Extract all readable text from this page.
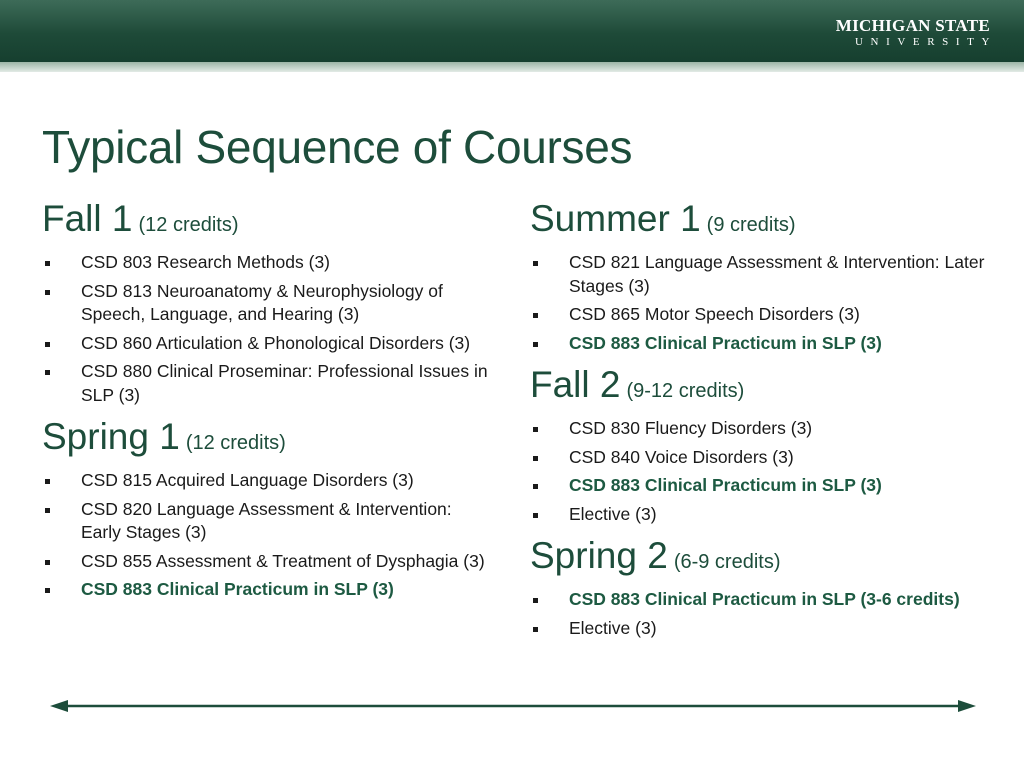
MICHIGAN STATE
UNIVERSITY
Typical Sequence of Courses
Fall 1 (12 credits)
CSD 803 Research Methods (3)
CSD 813 Neuroanatomy & Neurophysiology of Speech, Language, and Hearing (3)
CSD 860 Articulation & Phonological Disorders (3)
CSD 880 Clinical Proseminar: Professional Issues in SLP (3)
Spring 1 (12 credits)
CSD 815 Acquired Language Disorders (3)
CSD 820 Language Assessment & Intervention: Early Stages (3)
CSD 855 Assessment & Treatment of Dysphagia (3)
CSD 883 Clinical Practicum in SLP (3)
Summer 1 (9 credits)
CSD 821 Language Assessment & Intervention: Later Stages (3)
CSD 865 Motor Speech Disorders (3)
CSD 883 Clinical Practicum in SLP (3)
Fall 2 (9-12 credits)
CSD 830 Fluency Disorders (3)
CSD 840 Voice Disorders (3)
CSD 883 Clinical Practicum in SLP (3)
Elective (3)
Spring 2 (6-9 credits)
CSD 883 Clinical Practicum in SLP (3-6 credits)
Elective (3)
